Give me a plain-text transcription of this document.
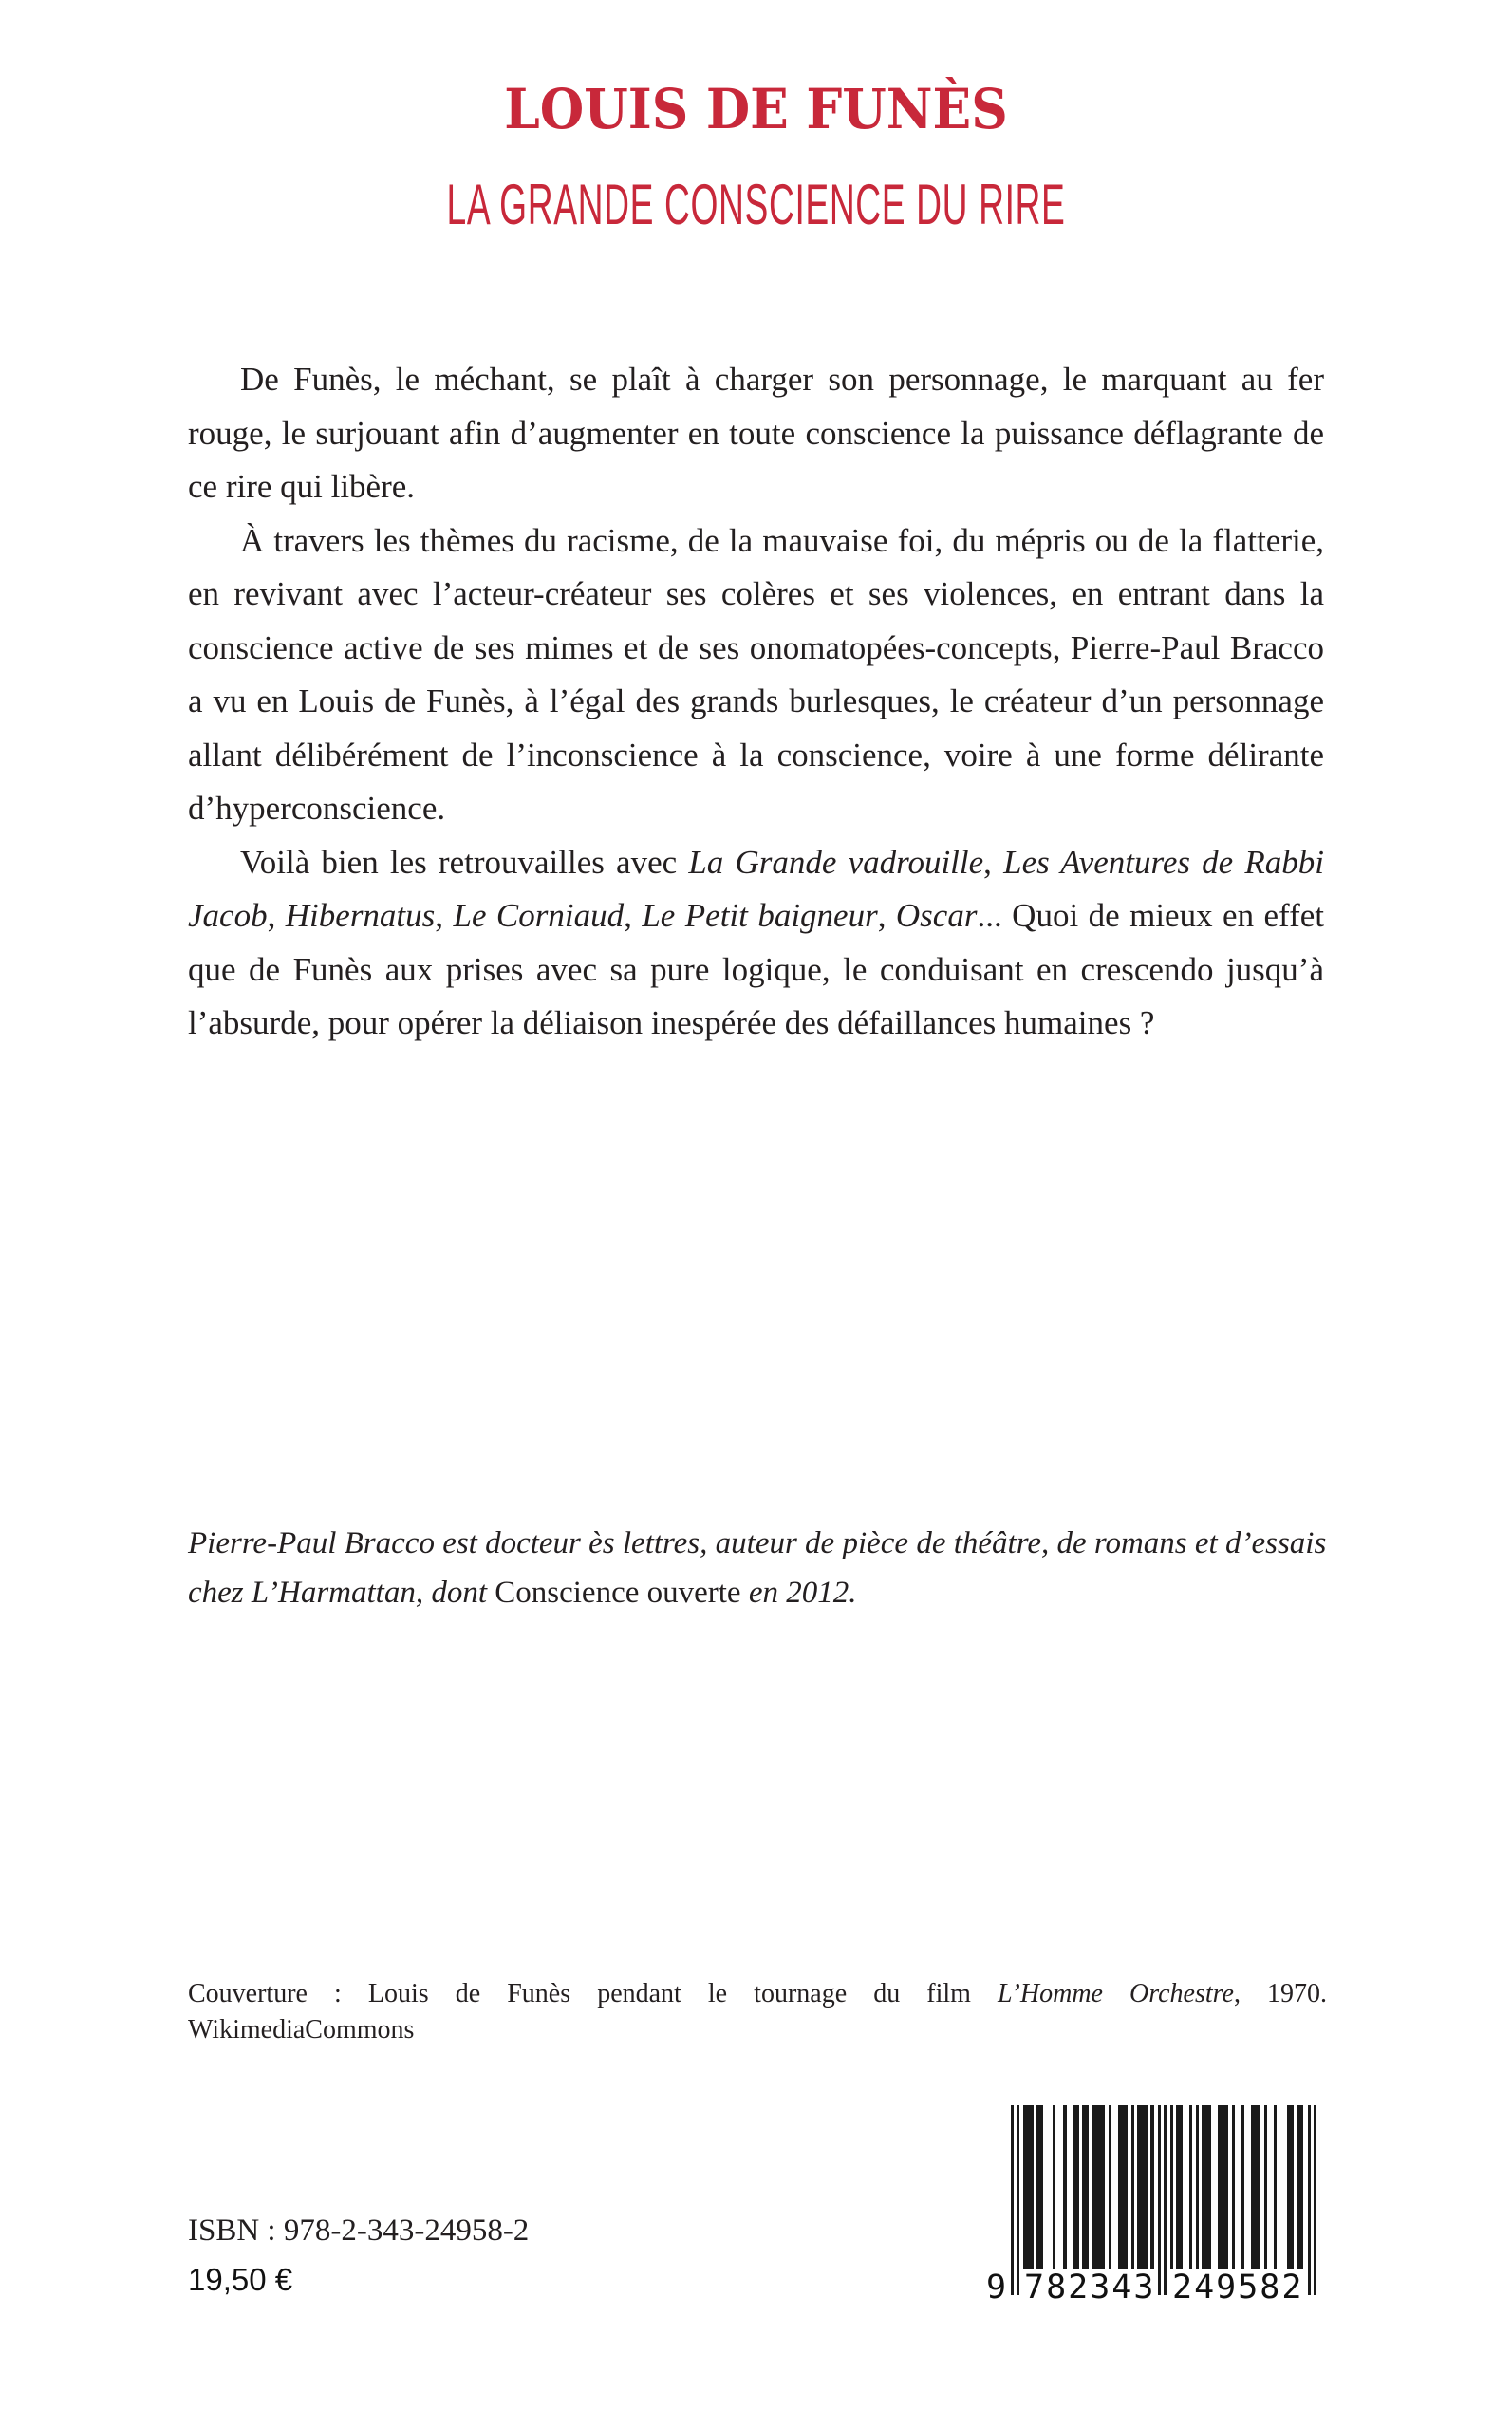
LOUIS DE FUNÈS
LA GRANDE CONSCIENCE DU RIRE

De Funès, le méchant, se plaît à charger son personnage, le marquant au fer rouge, le surjouant afin d’augmenter en toute conscience la puissance déflagrante de ce rire qui libère.

À travers les thèmes du racisme, de la mauvaise foi, du mépris ou de la flatterie, en revivant avec l’acteur-créateur ses colères et ses violences, en entrant dans la conscience active de ses mimes et de ses onomatopées-concepts, Pierre-Paul Bracco a vu en Louis de Funès, à l’égal des grands burlesques, le créateur d’un personnage allant délibérément de l’inconscience à la conscience, voire à une forme délirante d’hyperconscience.

Voilà bien les retrouvailles avec La Grande vadrouille, Les Aventures de Rabbi Jacob, Hibernatus, Le Corniaud, Le Petit baigneur, Oscar... Quoi de mieux en effet que de Funès aux prises avec sa pure logique, le conduisant en crescendo jusqu’à l’absurde, pour opérer la déliaison inespérée des défaillances humaines ?

Pierre-Paul Bracco est docteur ès lettres, auteur de pièce de théâtre, de romans et d’essais chez L’Harmattan, dont Conscience ouverte en 2012.
Couverture : Louis de Funès pendant le tournage du film L’Homme Orchestre, 1970.
WikimediaCommons
ISBN : 978-2-343-24958-2
19,50 €	9 782343 249582
